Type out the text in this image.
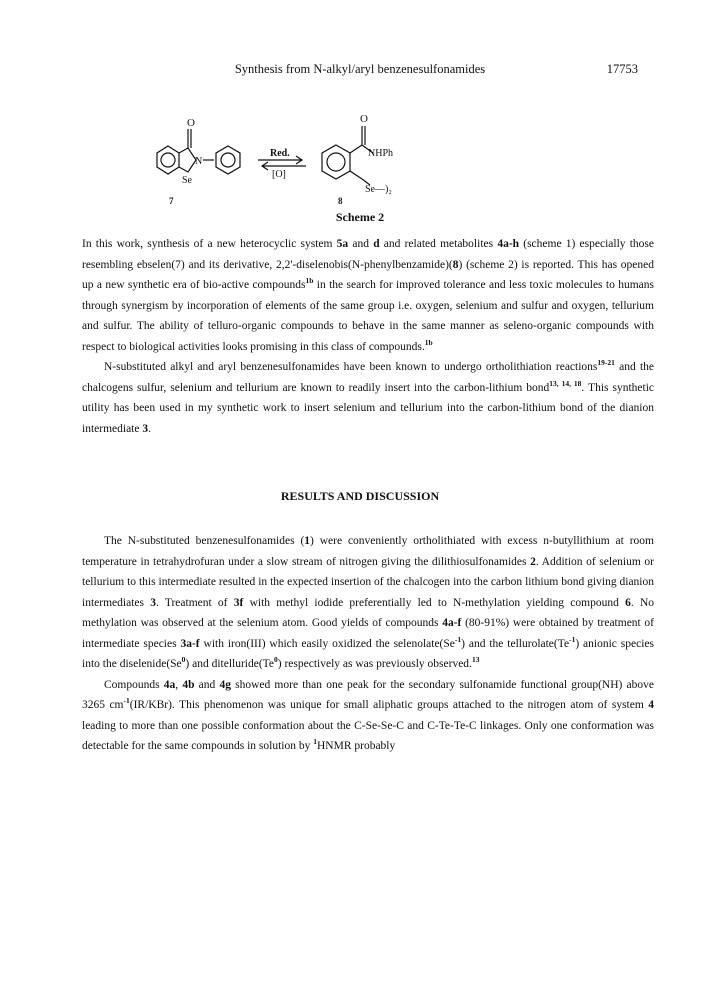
Synthesis from N-alkyl/aryl benzenesulfonamides	17753
O
N
Se
7
Red.
[O]
O
NHPh
Se—)₂
8
Scheme 2

In this work, synthesis of a new heterocyclic system 5a and d and related metabolites 4a-h (scheme 1) especially those resembling ebselen(7) and its derivative, 2,2'-diselenobis(N-phenylbenzamide)(8) (scheme 2) is reported. This has opened up a new synthetic era of bio-active compounds$^{1b}$ in the search for improved tolerance and less toxic molecules to humans through synergism by incorporation of elements of the same group i.e. oxygen, selenium and sulfur and oxygen, tellurium and sulfur. The ability of telluro-organic compounds to behave in the same manner as seleno-organic compounds with respect to biological activities looks promising in this class of compounds.$^{1b}$

N-substituted alkyl and aryl benzenesulfonamides have been known to undergo ortholithiation reactions$^{19-21}$ and the chalcogens sulfur, selenium and tellurium are known to readily insert into the carbon-lithium bond$^{13, 14, 18}$. This synthetic utility has been used in my synthetic work to insert selenium and tellurium into the carbon-lithium bond of the dianion intermediate 3.

RESULTS AND DISCUSSION

The N-substituted benzenesulfonamides (1) were conveniently ortholithiated with excess n-butyllithium at room temperature in tetrahydrofuran under a slow stream of nitrogen giving the dilithiosulfonamides 2. Addition of selenium or tellurium to this intermediate resulted in the expected insertion of the chalcogen into the carbon lithium bond giving dianion intermediates 3. Treatment of 3f with methyl iodide preferentially led to N-methylation yielding compound 6. No methylation was observed at the selenium atom. Good yields of compounds 4a-f (80-91%) were obtained by treatment of intermediate species 3a-f with iron(III) which easily oxidized the $selenolate(Se^{-1})$ and the $tellurolate(Te^{-1})$ anionic species into the diselenide(Se$^0$) and ditelluride(Te$^0$) respectively as was previously observed.$^{13}$

Compounds 4a, 4b and 4g showed more than one peak for the secondary sulfonamide functional group(NH) above 3265 $cm^{-1}(IR/KBr)$. This phenomenon was unique for small aliphatic groups attached to the nitrogen atom of system 4 leading to more than one possible conformation about the C-Se-Se-C and C-Te-Te-C linkages. Only one conformation was detectable for the same compounds in solution by $^1$HNMR probably
